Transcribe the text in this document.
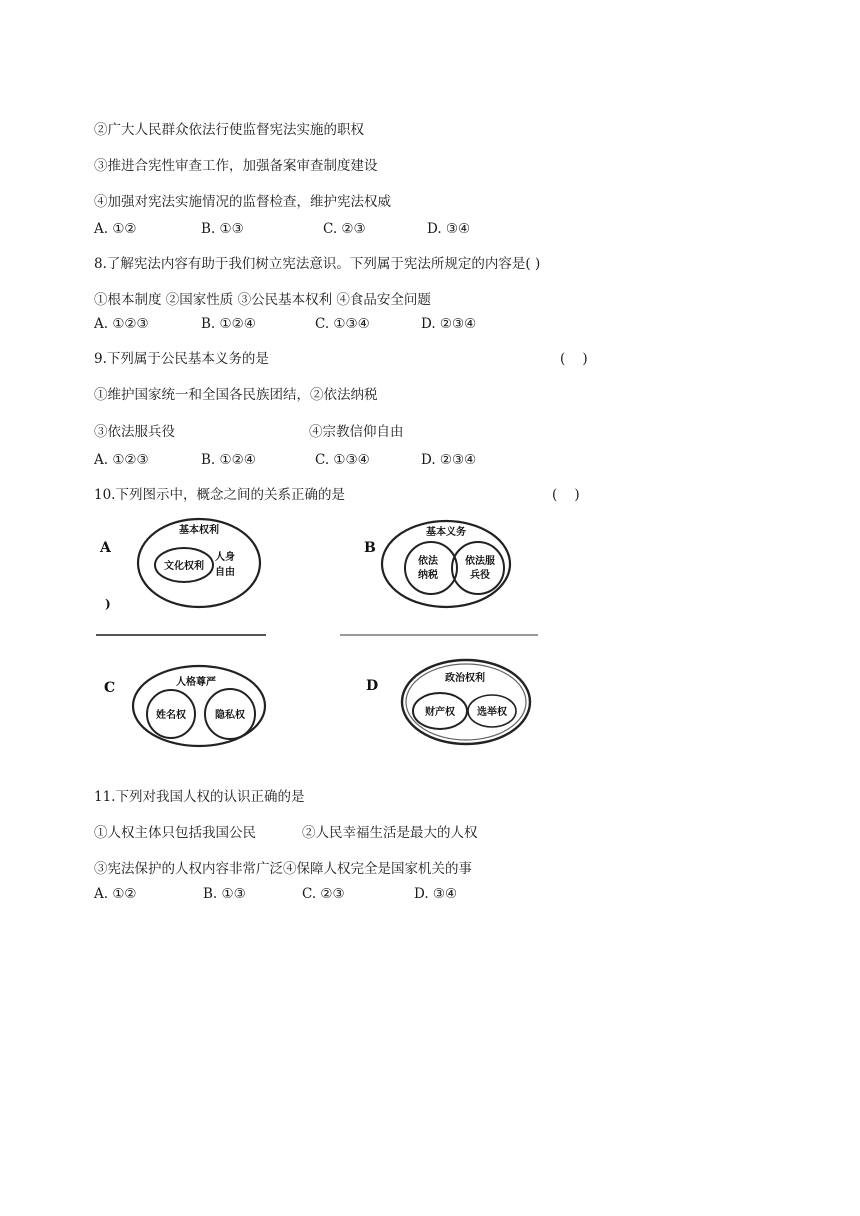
②广大人民群众依法行使监督宪法实施的职权
③推进合宪性审查工作，加强备案审查制度建设
④加强对宪法实施情况的监督检查，维护宪法权威

A. ①②

	B. ①③

	C. ②③

	D. ③④

8.了解宪法内容有助于我们树立宪法意识。下列属于宪法所规定的内容是( )
①根本制度 ②国家性质 ③公民基本权利 ④食品安全问题

A. ①②③

	B. ①②④

	C. ①③④

	D. ②③④

9.下列属于公民基本义务的是	(    )
①维护国家统一和全国各民族团结，②依法纳税
③依法服兵役	④宗教信仰自由

A. ①②③

	B. ①②④

	C. ①③④

	D. ②③④

10.下列图示中，概念之间的关系正确的是	(    )
A
基本权利
文化权利
人身
自由
)
B
基本义务
依法
纳税
依法服
兵役
C	人格尊严
姓名权	隐私权
D	政治权利
财产权 选举权
11.下列对我国人权的认识正确的是
①人权主体只包括我国公民	②人民幸福生活是最大的人权
③宪法保护的人权内容非常广泛④保障人权完全是国家机关的事

A. ①②

	B. ①③

	C. ②③

	D. ③④
